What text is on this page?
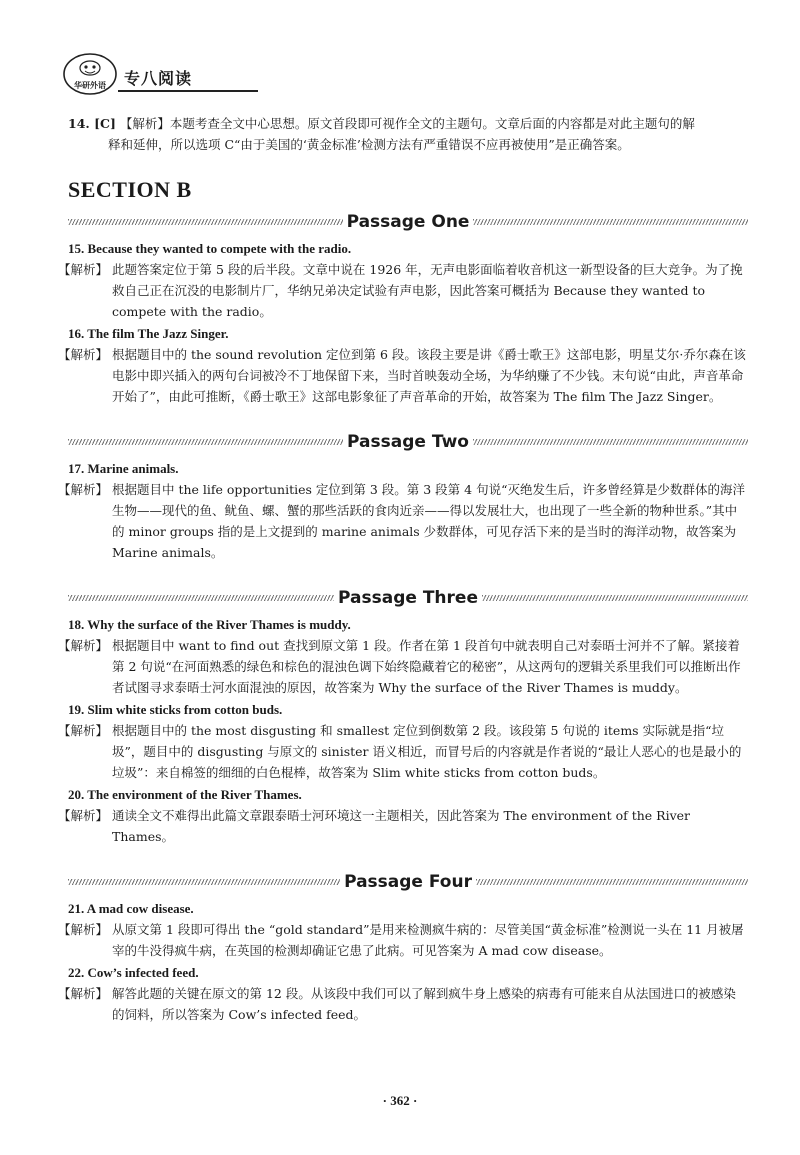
华研外语 专八阅读
14. [C] 【解析】本题考查全文中心思想。原文首段即可视作全文的主题句。文章后面的内容都是对此主题句的解
释和延伸，所以选项 C“由于美国的‘黄金标准’检测方法有严重错误不应再被使用”是正确答案。
SECTION B
Passage One
15. Because they wanted to compete with the radio.
【解析】 此题答案定位于第 5 段的后半段。文章中说在 1926 年，无声电影面临着收音机这一新型设备的巨大竞争。为了挽救自己正在沉没的电影制片厂，华纳兄弟决定试验有声电影，因此答案可概括为 Because they wanted to compete with the radio。
16. The film The Jazz Singer.
【解析】 根据题目中的 the sound revolution 定位到第 6 段。该段主要是讲《爵士歌王》这部电影，明星艾尔·乔尔森在该电影中即兴插入的两句台词被冷不丁地保留下来，当时首映轰动全场，为华纳赚了不少钱。末句说“由此，声音革命开始了”，由此可推断，《爵士歌王》这部电影象征了声音革命的开始，故答案为 The film The Jazz Singer。
Passage Two
17. Marine animals.
【解析】 根据题目中 the life opportunities 定位到第 3 段。第 3 段第 4 句说“灭绝发生后，许多曾经算是少数群体的海洋生物——现代的鱼、鱿鱼、螺、蟹的那些活跃的食肉近亲——得以发展壮大，也出现了一些全新的物种世系。”其中的 minor groups 指的是上文提到的 marine animals 少数群体，可见存活下来的是当时的海洋动物，故答案为 Marine animals。
Passage Three
18. Why the surface of the River Thames is muddy.
【解析】 根据题目中 want to find out 查找到原文第 1 段。作者在第 1 段首句中就表明自己对泰晤士河并不了解。紧接着第 2 句说“在河面熟悉的绿色和棕色的混浊色调下始终隐藏着它的秘密”，从这两句的逻辑关系里我们可以推断出作者试图寻求泰晤士河水面混浊的原因，故答案为 Why the surface of the River Thames is muddy。
19. Slim white sticks from cotton buds.
【解析】 根据题目中的 the most disgusting 和 smallest 定位到倒数第 2 段。该段第 5 句说的 items 实际就是指“垃圾”，题目中的 disgusting 与原文的 sinister 语义相近，而冒号后的内容就是作者说的“最让人恶心的也是最小的垃圾”：来自棉签的细细的白色棍棒，故答案为 Slim white sticks from cotton buds。
20. The environment of the River Thames.
【解析】 通读全文不难得出此篇文章跟泰晤士河环境这一主题相关，因此答案为 The environment of the River Thames。
Passage Four
21. A mad cow disease.
【解析】 从原文第 1 段即可得出 the “gold standard”是用来检测疯牛病的：尽管美国“黄金标准”检测说一头在 11 月被屠宰的牛没得疯牛病，在英国的检测却确证它患了此病。可见答案为 A mad cow disease。
22. Cow’s infected feed.
【解析】 解答此题的关键在原文的第 12 段。从该段中我们可以了解到疯牛身上感染的病毒有可能来自从法国进口的被感染的饲料，所以答案为 Cow’s infected feed。
· 362 ·
